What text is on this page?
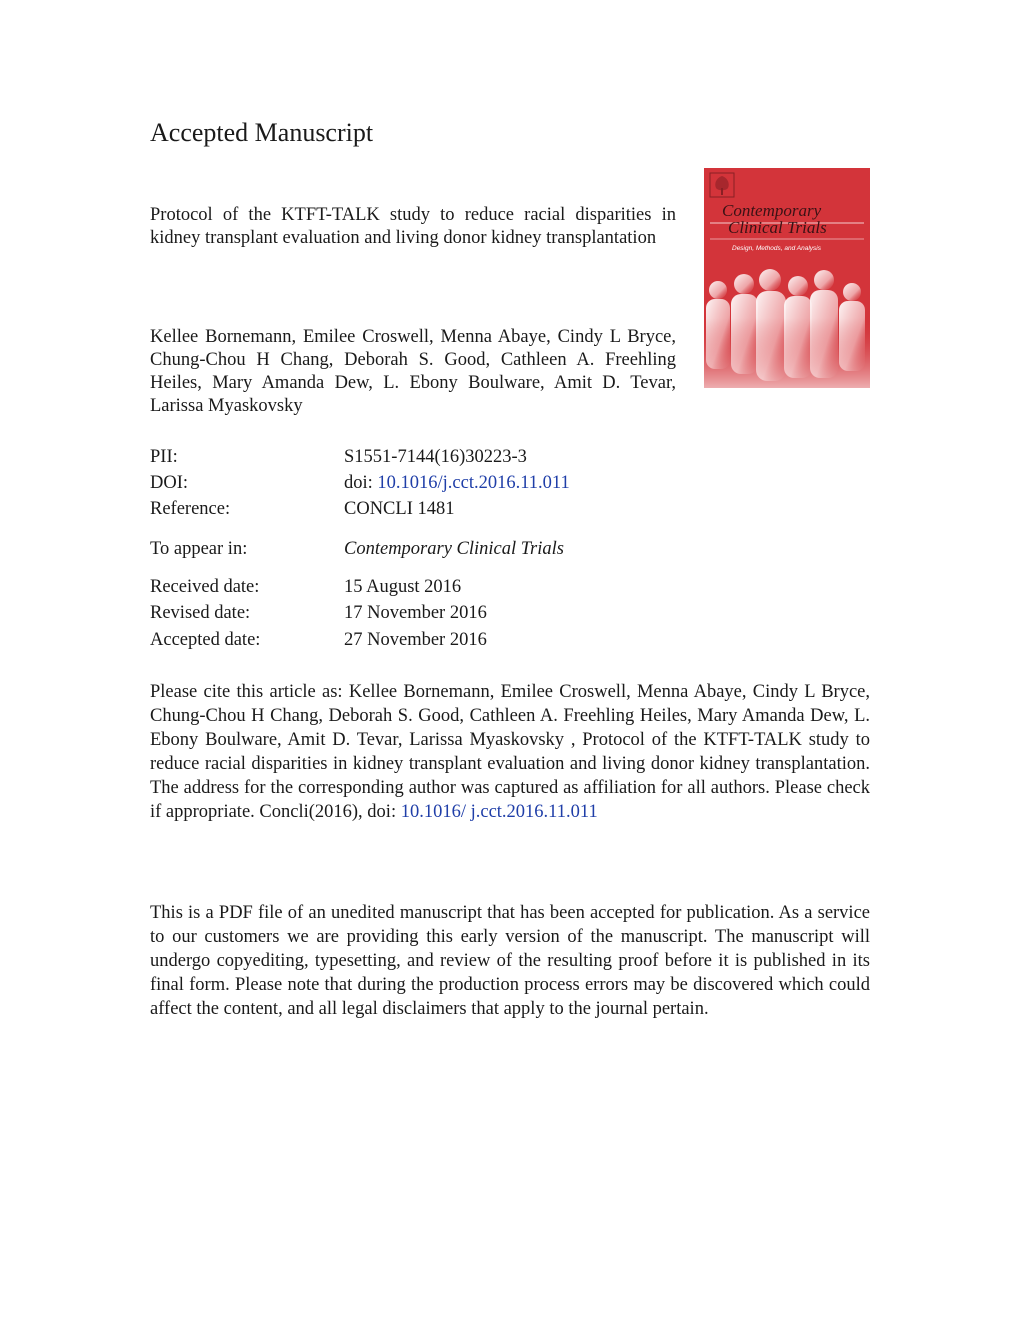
Accepted Manuscript
Protocol of the KTFT-TALK study to reduce racial disparities in kidney transplant evaluation and living donor kidney transplantation

Kellee Bornemann, Emilee Croswell, Menna Abaye, Cindy L Bryce, Chung-Chou H Chang, Deborah S. Good, Cathleen A. Freehling Heiles, Mary Amanda Dew, L. Ebony Boulware, Amit D. Tevar, Larissa Myaskovsky

Contemporary
Clinical Trials
Design, Methods, and Analysis
PII:	S1551-7144(16)30223-3
DOI:	doi: 10.1016/j.cct.2016.11.011
Reference:	CONCLI 1481
To appear in:	Contemporary Clinical Trials
Received date:	15 August 2016
Revised date:	17 November 2016
Accepted date:	27 November 2016

Please cite this article as: Kellee Bornemann, Emilee Croswell, Menna Abaye, Cindy L Bryce, Chung-Chou H Chang, Deborah S. Good, Cathleen A. Freehling Heiles, Mary Amanda Dew, L. Ebony Boulware, Amit D. Tevar, Larissa Myaskovsky , Protocol of the KTFT-TALK study to reduce racial disparities in kidney transplant evaluation and living donor kidney transplantation. The address for the corresponding author was captured as affiliation for all authors. Please check if appropriate. Concli(2016), doi: 10.1016/ j.cct.2016.11.011

This is a PDF file of an unedited manuscript that has been accepted for publication. As a service to our customers we are providing this early version of the manuscript. The manuscript will undergo copyediting, typesetting, and review of the resulting proof before it is published in its final form. Please note that during the production process errors may be discovered which could affect the content, and all legal disclaimers that apply to the journal pertain.
